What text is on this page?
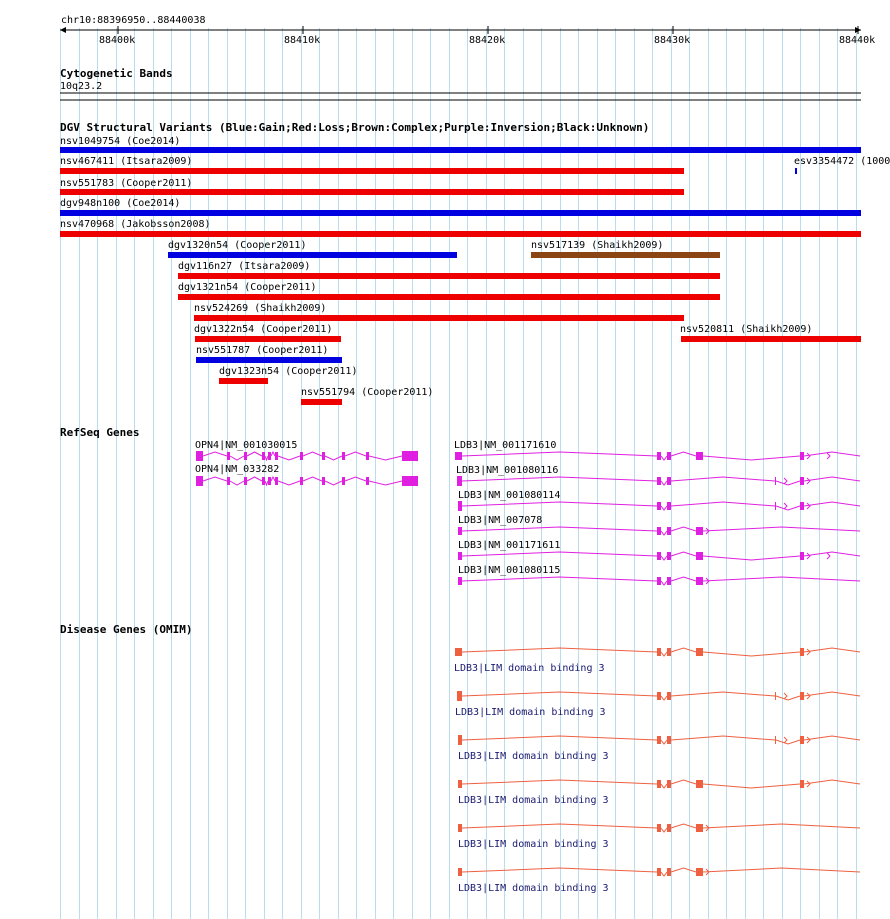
chr10:88396950..88440038
88400k	88410k	88420k	88430k	88440k
Cytogenetic Bands
10q23.2
DGV Structural Variants (Blue:Gain;Red:Loss;Brown:Complex;Purple:Inversion;Black:Unknown)
nsv1049754 (Coe2014)
nsv467411 (Itsara2009)	esv3354472 (1000
nsv551783 (Cooper2011)
dgv948n100 (Coe2014)
nsv470968 (Jakobsson2008)
dgv1320n54 (Cooper2011)	nsv517139 (Shaikh2009)
dgv116n27 (Itsara2009)
dgv1321n54 (Cooper2011)
nsv524269 (Shaikh2009)
dgv1322n54 (Cooper2011)	nsv520811 (Shaikh2009)
nsv551787 (Cooper2011)
dgv1323n54 (Cooper2011)
nsv551794 (Cooper2011)
RefSeq Genes
OPN4|NM_001030015
OPN4|NM_033282
LDB3|NM_001171610
LDB3|NM_001080116
LDB3|NM_001080114
LDB3|NM_007078
LDB3|NM_001171611
LDB3|NM_001080115
Disease Genes (OMIM)
LDB3|LIM domain binding 3
LDB3|LIM domain binding 3
LDB3|LIM domain binding 3
LDB3|LIM domain binding 3
LDB3|LIM domain binding 3
LDB3|LIM domain binding 3
